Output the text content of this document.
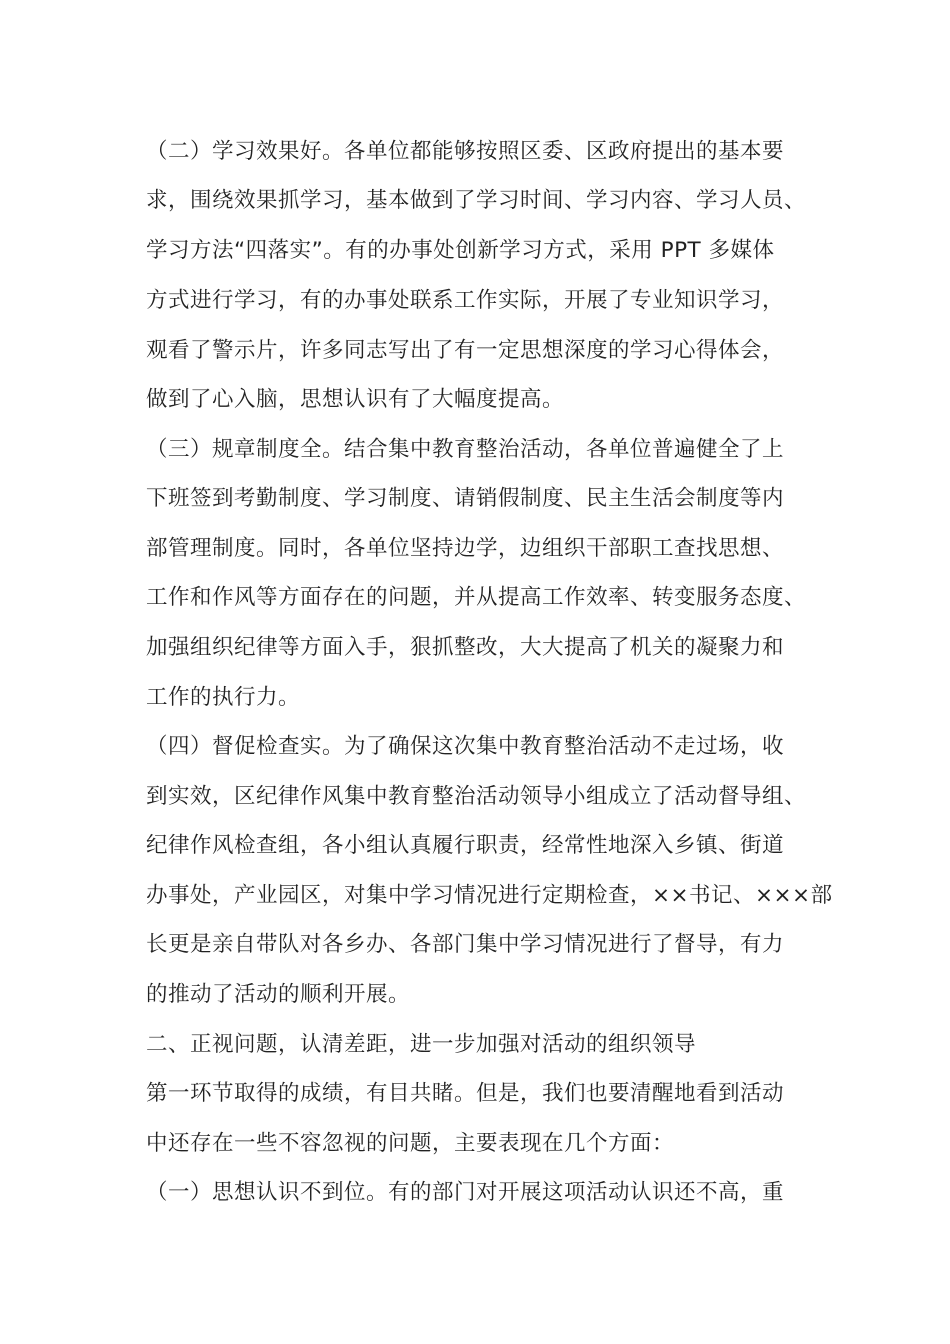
（二）学习效果好。各单位都能够按照区委、区政府提出的基本要
求，围绕效果抓学习，基本做到了学习时间、学习内容、学习人员、
学习方法“四落实”。有的办事处创新学习方式，采用 PPT 多媒体
方式进行学习，有的办事处联系工作实际，开展了专业知识学习，
观看了警示片，许多同志写出了有一定思想深度的学习心得体会，
做到了心入脑，思想认识有了大幅度提高。
（三）规章制度全。结合集中教育整治活动，各单位普遍健全了上
下班签到考勤制度、学习制度、请销假制度、民主生活会制度等内
部管理制度。同时，各单位坚持边学，边组织干部职工查找思想、
工作和作风等方面存在的问题，并从提高工作效率、转变服务态度、
加强组织纪律等方面入手，狠抓整改，大大提高了机关的凝聚力和
工作的执行力。
（四）督促检查实。为了确保这次集中教育整治活动不走过场，收
到实效，区纪律作风集中教育整治活动领导小组成立了活动督导组、
纪律作风检查组，各小组认真履行职责，经常性地深入乡镇、街道
办事处，产业园区，对集中学习情况进行定期检查，××书记、×××部
长更是亲自带队对各乡办、各部门集中学习情况进行了督导，有力
的推动了活动的顺利开展。
二、正视问题，认清差距，进一步加强对活动的组织领导
第一环节取得的成绩，有目共睹。但是，我们也要清醒地看到活动
中还存在一些不容忽视的问题，主要表现在几个方面：
（一）思想认识不到位。有的部门对开展这项活动认识还不高，重
